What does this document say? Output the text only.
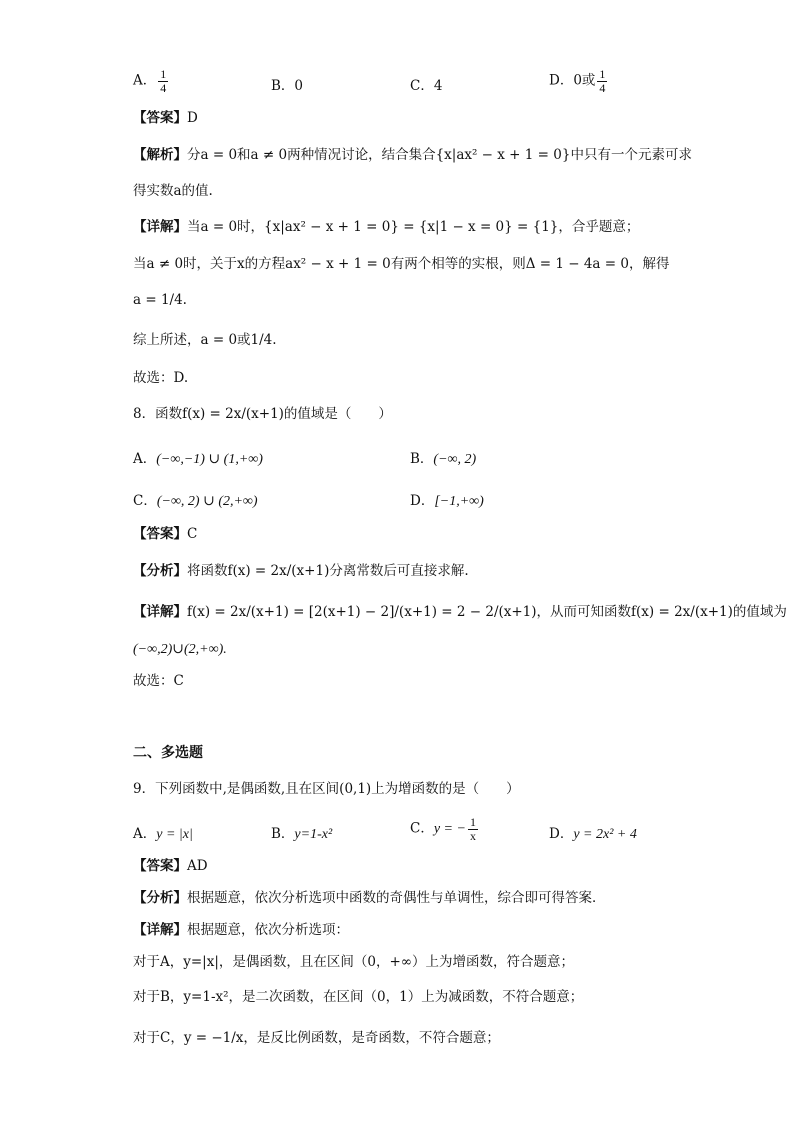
A． $\frac{1}{4}$	B．0	C．4	D．0或 $\frac{1}{4}$
【答案】D
【解析】分a = 0和a ≠ 0两种情况讨论，结合集合{x|ax² − x + 1 = 0}中只有一个元素可求
得实数a的值.
【详解】当a = 0时，{x|ax² − x + 1 = 0} = {x|1 − x = 0} = {1}，合乎题意；
当a ≠ 0时，关于x的方程ax² − x + 1 = 0有两个相等的实根，则Δ = 1 − 4a = 0，解得
a = 1/4.
综上所述，a = 0或1/4.
故选：D.
8．函数f(x) = 2x/(x+1)的值域是（　　）
A．(−∞,−1) ∪ (1,+∞)	B．(−∞, 2)
C．(−∞, 2) ∪ (2,+∞)	D．[−1,+∞)
【答案】C
【分析】将函数f(x) = 2x/(x+1)分离常数后可直接求解.
【详解】f(x) = 2x/(x+1) = [2(x+1) − 2]/(x+1) = 2 − 2/(x+1)，从而可知函数f(x) = 2x/(x+1)的值域为
(−∞,2)∪(2,+∞).
故选：C
二、多选题
9．下列函数中,是偶函数,且在区间(0,1)上为增函数的是（　　）
A．y = |x|	B．y=1-x²	C．y = − $\frac{1}{x}$	D．y = 2x² + 4
【答案】AD
【分析】根据题意，依次分析选项中函数的奇偶性与单调性，综合即可得答案．
【详解】根据题意，依次分析选项：
对于A，y=|x|，是偶函数，且在区间（0，+∞）上为增函数，符合题意；
对于B，y=1-x²，是二次函数，在区间（0，1）上为减函数，不符合题意；
对于C，y = −1/x，是反比例函数，是奇函数，不符合题意；
